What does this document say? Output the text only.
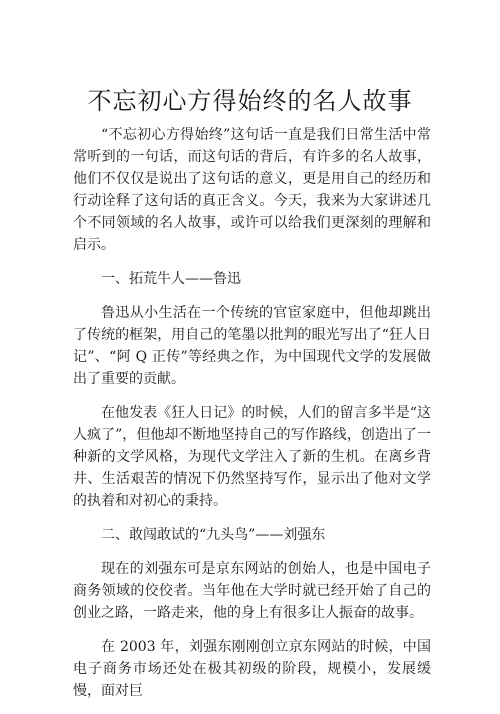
不忘初心方得始终的名人故事

“不忘初心方得始终”这句话一直是我们日常生活中常常听到的一句话，而这句话的背后，有许多的名人故事，他们不仅仅是说出了这句话的意义，更是用自己的经历和行动诠释了这句话的真正含义。今天，我来为大家讲述几个不同领域的名人故事，或许可以给我们更深刻的理解和启示。

一、拓荒牛人——鲁迅

鲁迅从小生活在一个传统的官宦家庭中，但他却跳出了传统的框架，用自己的笔墨以批判的眼光写出了“狂人日记”、“阿 Q 正传”等经典之作，为中国现代文学的发展做出了重要的贡献。

在他发表《狂人日记》的时候，人们的留言多半是“这人疯了”，但他却不断地坚持自己的写作路线，创造出了一种新的文学风格，为现代文学注入了新的生机。在离乡背井、生活艰苦的情况下仍然坚持写作，显示出了他对文学的执着和对初心的秉持。

二、敢闯敢试的“九头鸟”——刘强东

现在的刘强东可是京东网站的创始人，也是中国电子商务领域的佼佼者。当年他在大学时就已经开始了自己的创业之路，一路走来，他的身上有很多让人振奋的故事。

在 2003 年，刘强东刚刚创立京东网站的时候，中国电子商务市场还处在极其初级的阶段，规模小，发展缓慢，面对巨
